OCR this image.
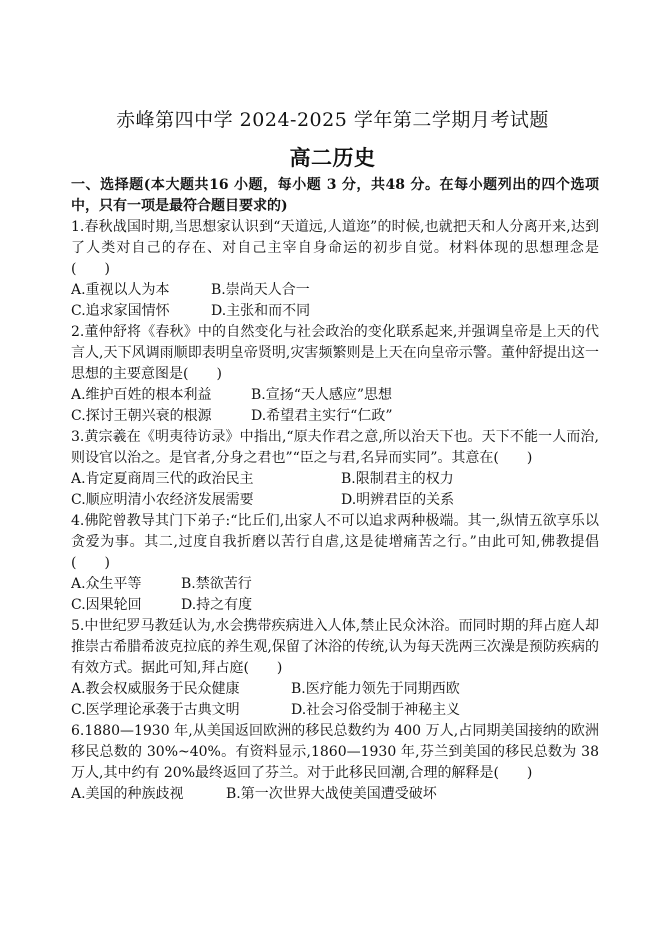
赤峰第四中学 2024-2025 学年第二学期月考试题
高二历史

一、选择题(本大题共16 小题，每小题 3 分，共48 分。在每小题列出的四个选项中，只有一项是最符合题目要求的)

1.春秋战国时期,当思想家认识到“天道远,人道迩”的时候,也就把天和人分离开来,达到了人类对自己的存在、对自己主宰自身命运的初步自觉。材料体现的思想理念是(　　)

A.重视以人为本	B.崇尚天人合一
C.追求家国情怀	D.主张和而不同

2.董仲舒将《春秋》中的自然变化与社会政治的变化联系起来,并强调皇帝是上天的代言人,天下风调雨顺即表明皇帝贤明,灾害频繁则是上天在向皇帝示警。董仲舒提出这一思想的主要意图是(　　)

A.维护百姓的根本利益	B.宣扬“天人感应”思想
C.探讨王朝兴衰的根源	D.希望君主实行“仁政”

3.黄宗羲在《明夷待访录》中指出,“原夫作君之意,所以治天下也。天下不能一人而治,则设官以治之。是官者,分身之君也”“臣之与君,名异而实同”。其意在(　　)

A.肯定夏商周三代的政治民主	B.限制君主的权力
C.顺应明清小农经济发展需要	D.明辨君臣的关系

4.佛陀曾教导其门下弟子:“比丘们,出家人不可以追求两种极端。其一,纵情五欲享乐以贪爱为事。其二,过度自我折磨以苦行自虐,这是徒增痛苦之行。”由此可知,佛教提倡(　　)

A.众生平等	B.禁欲苦行
C.因果轮回	D.持之有度

5.中世纪罗马教廷认为,水会携带疾病进入人体,禁止民众沐浴。而同时期的拜占庭人却推崇古希腊希波克拉底的养生观,保留了沐浴的传统,认为每天洗两三次澡是预防疾病的有效方式。据此可知,拜占庭(　　)

A.教会权威服务于民众健康	B.医疗能力领先于同期西欧
C.医学理论承袭于古典文明	D.社会习俗受制于神秘主义

6.1880—1930 年,从美国返回欧洲的移民总数约为 400 万人,占同期美国接纳的欧洲移民总数的 30%~40%。有资料显示,1860—1930 年,芬兰到美国的移民总数为 38 万人,其中约有 20%最终返回了芬兰。对于此移民回潮,合理的解释是(　　)

A.美国的种族歧视	B.第一次世界大战使美国遭受破坏
